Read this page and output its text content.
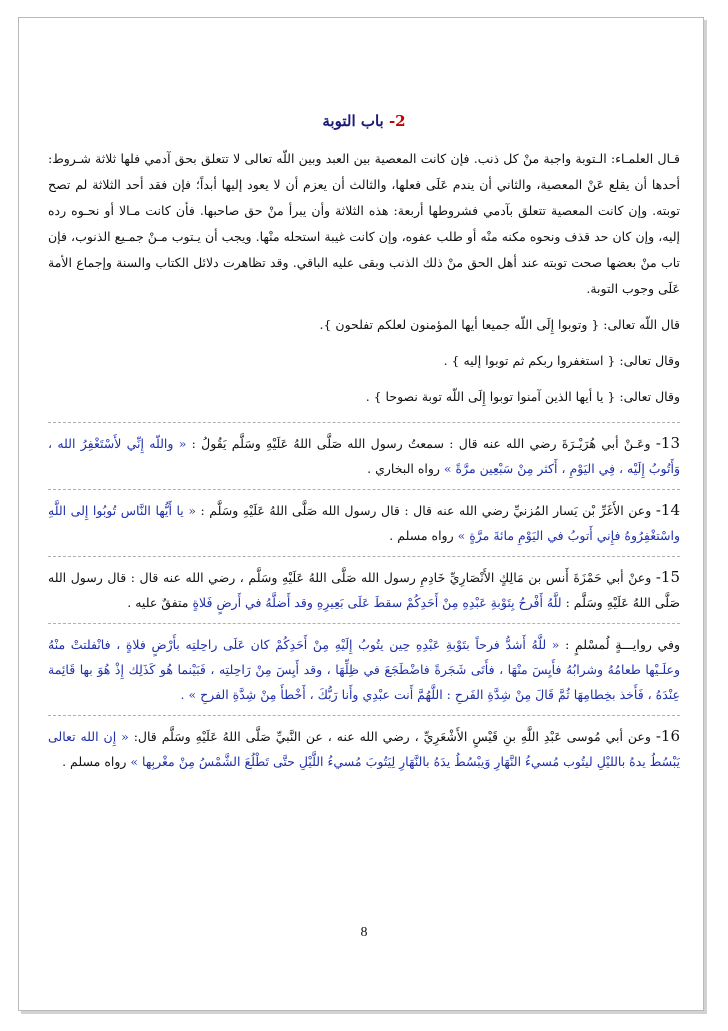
2- باب التوبة

قـال العلمـاء: الـتوبة واجبة منْ كل ذنب. فإن كانت المعصية بين العبد وبين اللّه تعالى لا تتعلق بحق آدمي فلها ثلاثة شـروط: أحدها أن يقلع عَنْ المعصية، والثاني أن يندم عَلَى فعلها، والثالث أن يعزم أن لا يعود إليها أبداً؛ فإن فقد أحد الثلاثة لم تصح توبته. وإن كانت المعصية تتعلق بآدمي فشروطها أربعة: هذه الثلاثة وأن يبرأ منْ حق صاحبها. فأن كانت مـالا أو نحـوه رده إليه، وإن كان حد قذف ونحوه مكنه منْه أو طلب عفوه، وإن كانت غيبة استحله منْها. ويجب أن يـتوب مـنْ جمـيع الذنوب، فإن تاب منْ بعضها صحت توبته عند أهل الحق منْ ذلك الذنب وبقى عليه الباقي. وقد تظاهرت دلائل الكتاب والسنة وإجماع الأمة عَلَى وجوب التوبة.

قال اللّه تعالى: { وتوبوا إِلَى اللّه جميعا أيها المؤمنون لعلكم تفلحون }.

وقال تعالى: { استغفروا ربكم ثم توبوا إليه } .

وقال تعالى: { يا أيها الذين آمنوا توبوا إِلَى اللّه توبة نصوحا } .

13- وعَـنْ أبي هُرَيْـرَةَ رضي الله عنه قال : سمعتُ رسول الله صَلَّى اللهُ عَلَيْهِ وسَلَّم يَقُولُ : « واللّه إِنِّي لأَسْتَغْفِرُ الله ، وَأَتُوبُ إِلَيْه ، فِي اليَوْمِ ، أَكثر مِنْ سَبْعِين مرَّةً » رواه البخاري .

14- وعن الأَغَرِّ بْن يَسار المُزنيِّ رضي الله عنه قال : قال رسول الله صَلَّى اللهُ عَلَيْهِ وسَلَّم : « يا أَيُّها النَّاس تُوبُوا إِلى اللَّهِ واسْتغْفِرُوهُ فإِني أَتوبُ في اليَوْمِ مائةَ مرَّةٍ » رواه مسلم .

15- وعنْ أبي حَمْزَةَ أَنس بن مَالِكٍ الأَنْصَارِيِّ خَادِمِ رسول الله صَلَّى اللهُ عَلَيْهِ وسَلَّم ، رضي الله عنه قال : قال رسول الله صَلَّى اللهُ عَلَيْهِ وسَلَّم : للَّهُ أَفْرحُ بِتَوْبةِ عَبْدِهِ مِنْ أَحَدِكُمْ سقطَ عَلَى بَعِيرِهِ وقد أَضلَّهُ في أَرضٍ فَلاةٍ متفقٌ عليه .

وفي روايـــةٍ لُمسْلمٍ : « للَّهُ أَشدُّ فرحاً بتَوْبةِ عَبْدِهِ حِين يتُوبُ إِلَيْهِ مِنْ أَحَدِكُمْ كان عَلَى راحِلتِه بأَرْضٍ فلاةٍ ، فانْفلتتْ منْهُ وعلَـيْها طعامُهُ وشرابُهُ فأَيِسَ منْهَا ، فأَتَى شَجَرةً فاضْطَجَعَ في ظِلِّهَا ، وقد أَيِسَ مِنْ رَاحِلتِه ، فَبَيْنما هُو كَذَلِك إِذْ هُوَ بها قَائِمة عِنْدَهُ ، فَأَخذ بخِطامِهَا ثُمَّ قَالَ مِنْ شِدَّةِ الفَرحِ : اللَّهُمَّ أَنت عبْدِي وأَنا رَبُّكَ ، أَخْطأَ مِنْ شِدَّةِ الفرحِ » .

16- وعن أبي مُوسى عَبْدِ اللَّهِ بنِ قَيْسٍ الأَشْعَرِيِّ ، رضي الله عنه ، عن النَّبيِّ صَلَّى اللهُ عَلَيْهِ وسَلَّم قال: « إِن الله تعالى يَبْسُطُ يدهُ بالليْلِ ليتُوب مُسيءُ النَّهَارِ وَيبْسُطُ يدَهُ بالنَّهَارِ لِيَتُوبَ مُسيءُ اللَّيْلِ حتَّى تَطْلُعَ الشَّمْسُ مِنْ مغْربِها » رواه مسلم .

8
